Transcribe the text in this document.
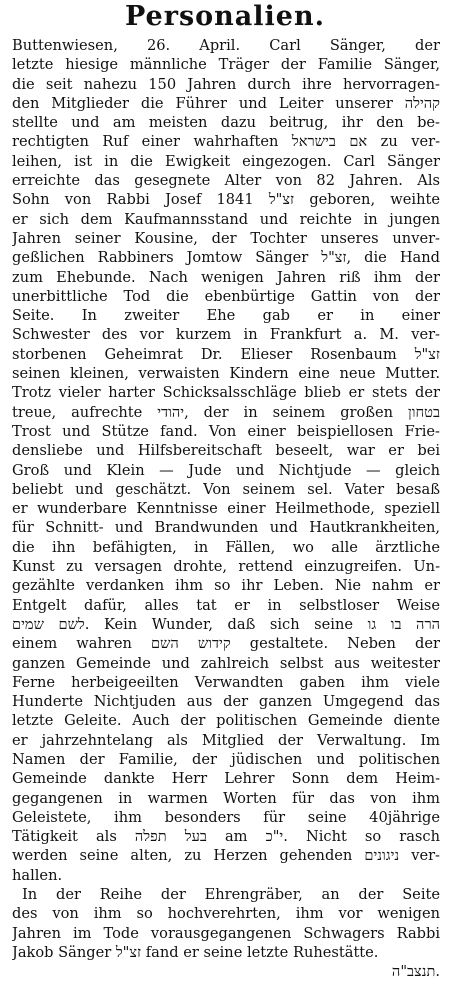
Personalien.
Buttenwiesen, 26. April. Carl Sänger, der
letzte hiesige männliche Träger der Familie Sänger,
die seit nahezu 150 Jahren durch ihre hervorragen-
den Mitglieder die Führer und Leiter unserer קהילה
stellte und am meisten dazu beitrug, ihr den be-
rechtigten Ruf einer wahrhaften אם בישראל zu ver-
leihen, ist in die Ewigkeit eingezogen. Carl Sänger
erreichte das gesegnete Alter von 82 Jahren. Als
Sohn von Rabbi Josef זצ"ל 1841 geboren, weihte
er sich dem Kaufmannsstand und reichte in jungen
Jahren seiner Kousine, der Tochter unseres unver-
geßlichen Rabbiners Jomtow Sänger זצ"ל, die Hand
zum Ehebunde. Nach wenigen Jahren riß ihm der
unerbittliche Tod die ebenbürtige Gattin von der
Seite. In zweiter Ehe gab er in einer
Schwester des vor kurzem in Frankfurt a. M. ver-
storbenen Geheimrat Dr. Elieser Rosenbaum זצ"ל
seinen kleinen, verwaisten Kindern eine neue Mutter.
Trotz vieler harter Schicksalsschläge blieb er stets der
treue, aufrechte יהודי, der in seinem großen בטחון
Trost und Stütze fand. Von einer beispiellosen Frie-
densliebe und Hilfsbereitschaft beseelt, war er bei
Groß und Klein — Jude und Nichtjude — gleich
beliebt und geschätzt. Von seinem sel. Vater besaß
er wunderbare Kenntnisse einer Heilmethode, speziell
für Schnitt- und Brandwunden und Hautkrankheiten,
die ihn befähigten, in Fällen, wo alle ärztliche
Kunst zu versagen drohte, rettend einzugreifen. Un-
gezählte verdanken ihm so ihr Leben. Nie nahm er
Entgelt dafür, alles tat er in selbstloser Weise
לשם שמים. Kein Wunder, daß sich seine הרה בו גו
einem wahren קידוש השם gestaltete. Neben der
ganzen Gemeinde und zahlreich selbst aus weitester
Ferne herbeigeeilten Verwandten gaben ihm viele
Hunderte Nichtjuden aus der ganzen Umgegend das
letzte Geleite. Auch der politischen Gemeinde diente
er jahrzehntelang als Mitglied der Verwaltung. Im
Namen der Familie, der jüdischen und politischen
Gemeinde dankte Herr Lehrer Sonn dem Heim-
gegangenen in warmen Worten für das von ihm
Geleistete, ihm besonders für seine 40jährige
Tätigkeit als בעל תפלה am י"כ. Nicht so rasch
werden seine alten, zu Herzen gehenden ניגונים ver-
hallen.
In der Reihe der Ehrengräber, an der Seite
des von ihm so hochverehrten, ihm vor wenigen
Jahren im Tode vorausgegangenen Schwagers Rabbi
Jakob Sänger זצ"ל fand er seine letzte Ruhestätte.
תנצב"ה.
